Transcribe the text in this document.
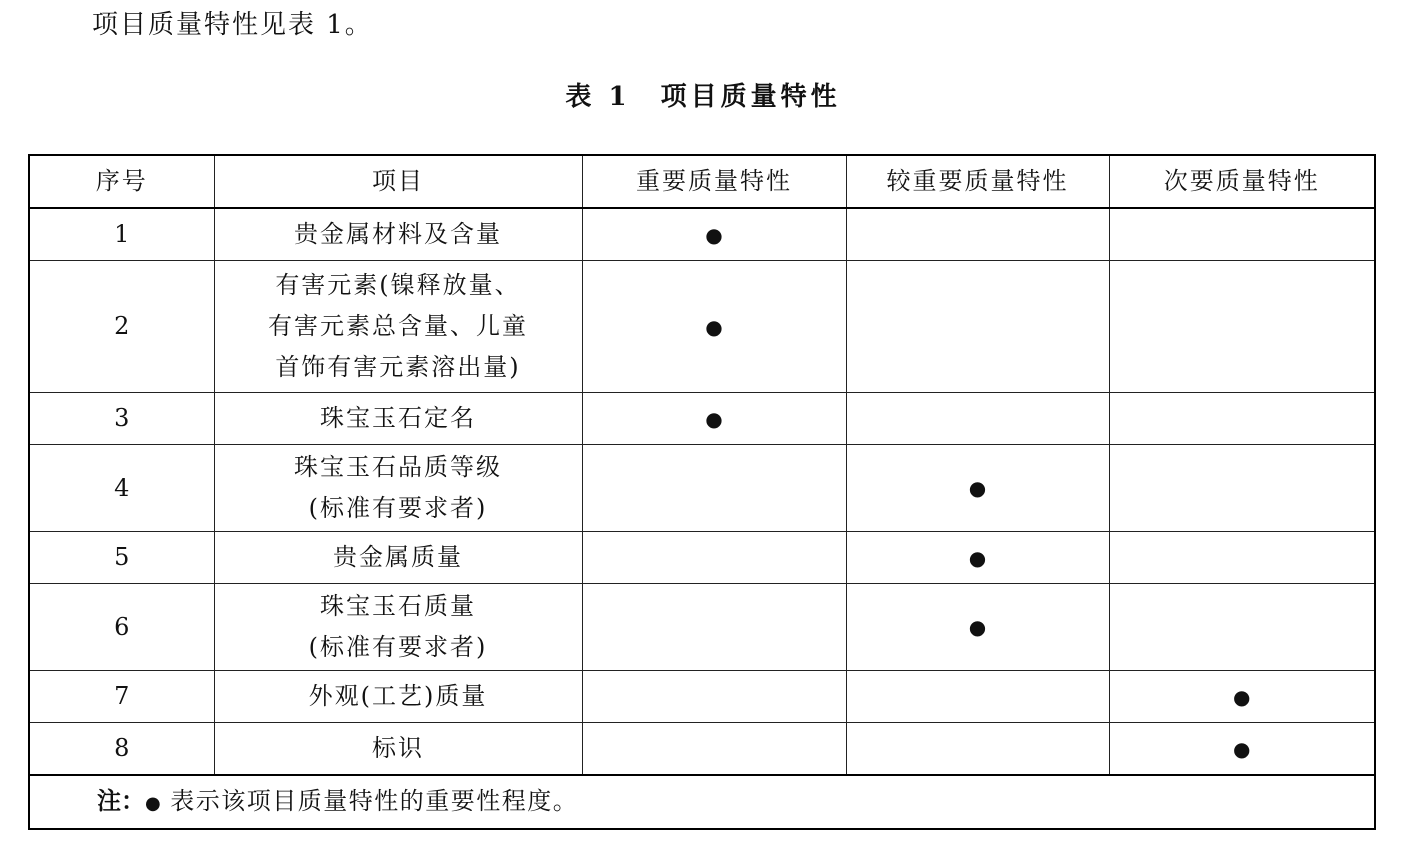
项目质量特性见表 1。

表 1 项目质量特性
序号	项目	重要质量特性	较重要质量特性	次要质量特性
1	贵金属材料及含量	●		
2	有害元素(镍释放量、
有害元素总含量、儿童
首饰有害元素溶出量)	●		
3	珠宝玉石定名	●		
4	珠宝玉石品质等级
(标准有要求者)		●	
5	贵金属质量		●	
6	珠宝玉石质量
(标准有要求者)		●	
7	外观(工艺)质量			●
8	标识			●
注：● 表示该项目质量特性的重要性程度。				
